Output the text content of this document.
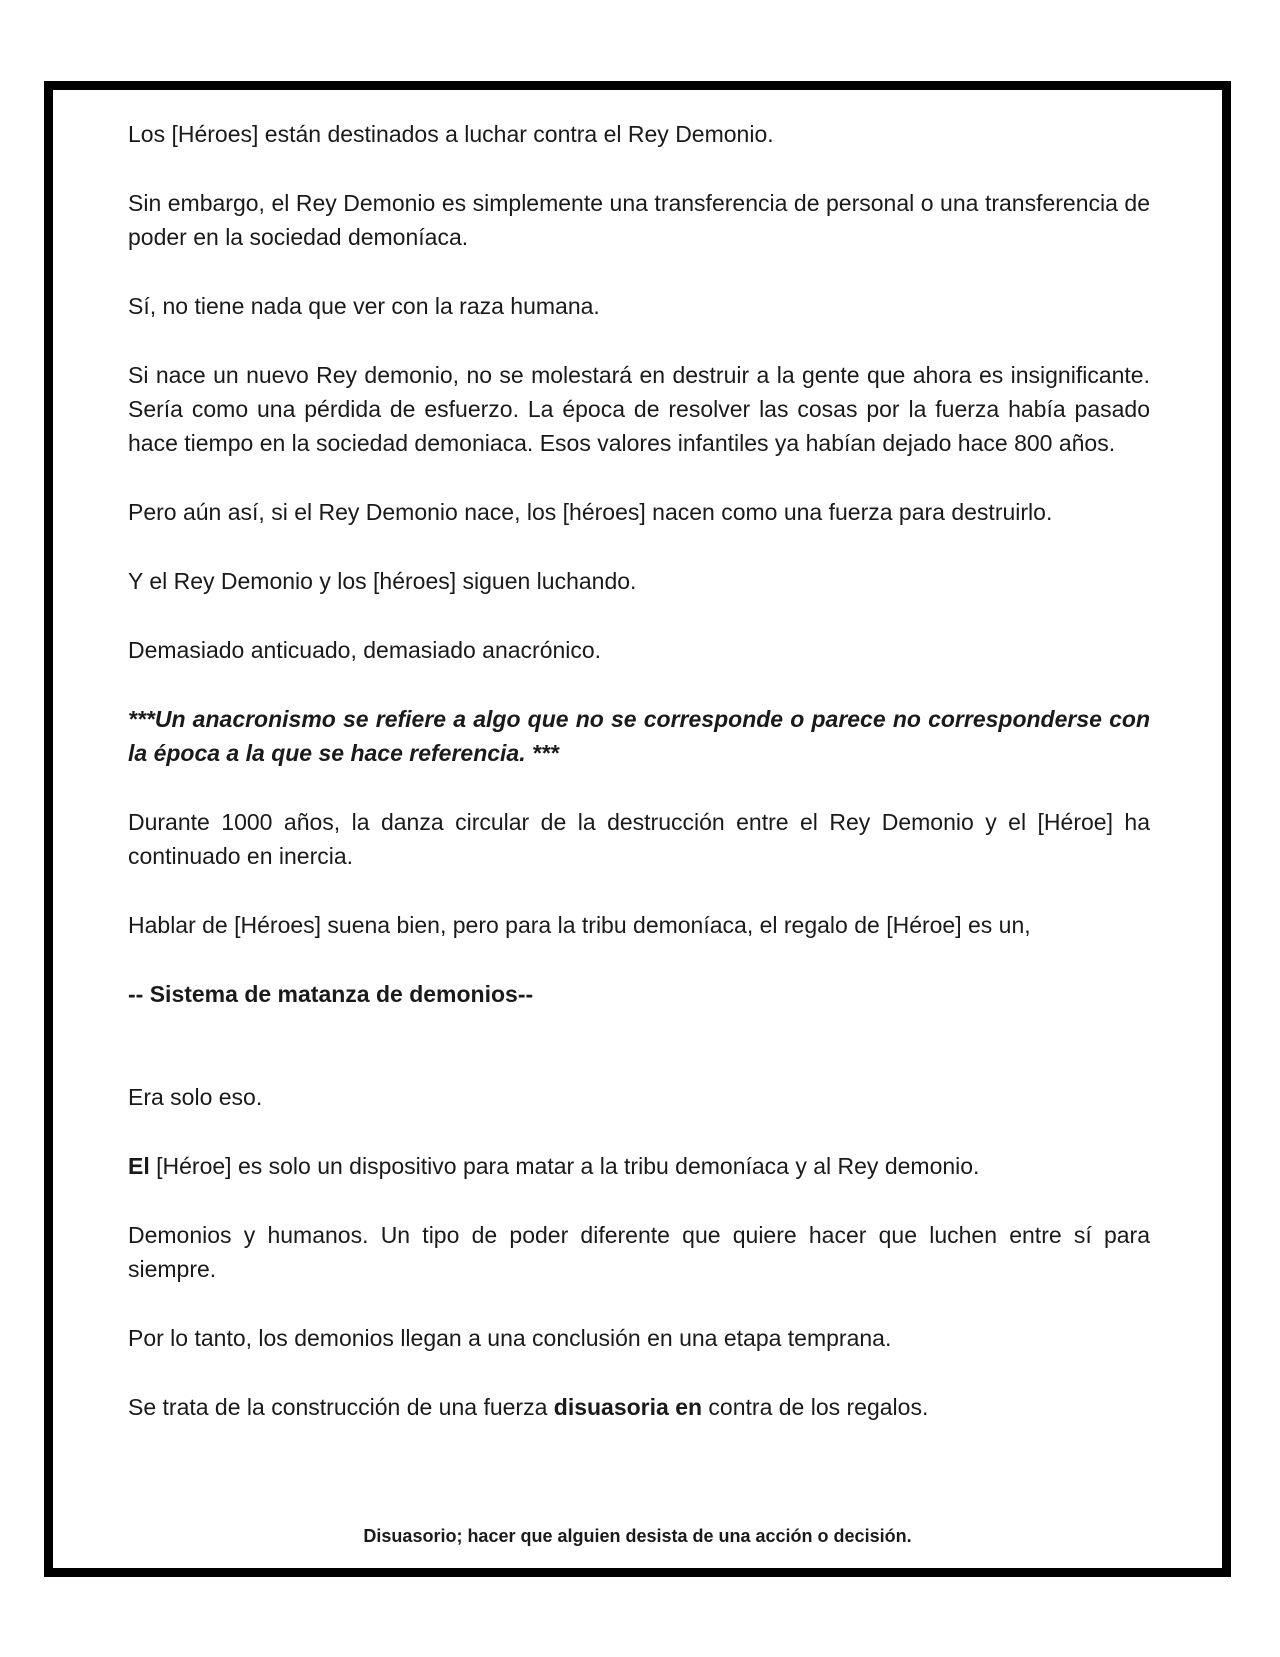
Los [Héroes] están destinados a luchar contra el Rey Demonio.

Sin embargo, el Rey Demonio es simplemente una transferencia de personal o una transferencia de poder en la sociedad demoníaca.

Sí, no tiene nada que ver con la raza humana.

Si nace un nuevo Rey demonio, no se molestará en destruir a la gente que ahora es insignificante. Sería como una pérdida de esfuerzo. La época de resolver las cosas por la fuerza había pasado hace tiempo en la sociedad demoniaca. Esos valores infantiles ya habían dejado hace 800 años.

Pero aún así, si el Rey Demonio nace, los [héroes] nacen como una fuerza para destruirlo.

Y el Rey Demonio y los [héroes] siguen luchando.

Demasiado anticuado, demasiado anacrónico.

***Un anacronismo se refiere a algo que no se corresponde o parece no corresponderse con la época a la que se hace referencia. ***

Durante 1000 años, la danza circular de la destrucción entre el Rey Demonio y el [Héroe] ha continuado en inercia.

Hablar de [Héroes] suena bien, pero para la tribu demoníaca, el regalo de [Héroe] es un,

-- Sistema de matanza de demonios--

Era solo eso.

El [Héroe] es solo un dispositivo para matar a la tribu demoníaca y al Rey demonio.

Demonios y humanos. Un tipo de poder diferente que quiere hacer que luchen entre sí para siempre.

Por lo tanto, los demonios llegan a una conclusión en una etapa temprana.

Se trata de la construcción de una fuerza disuasoria en contra de los regalos.

Disuasorio; hacer que alguien desista de una acción o decisión.
